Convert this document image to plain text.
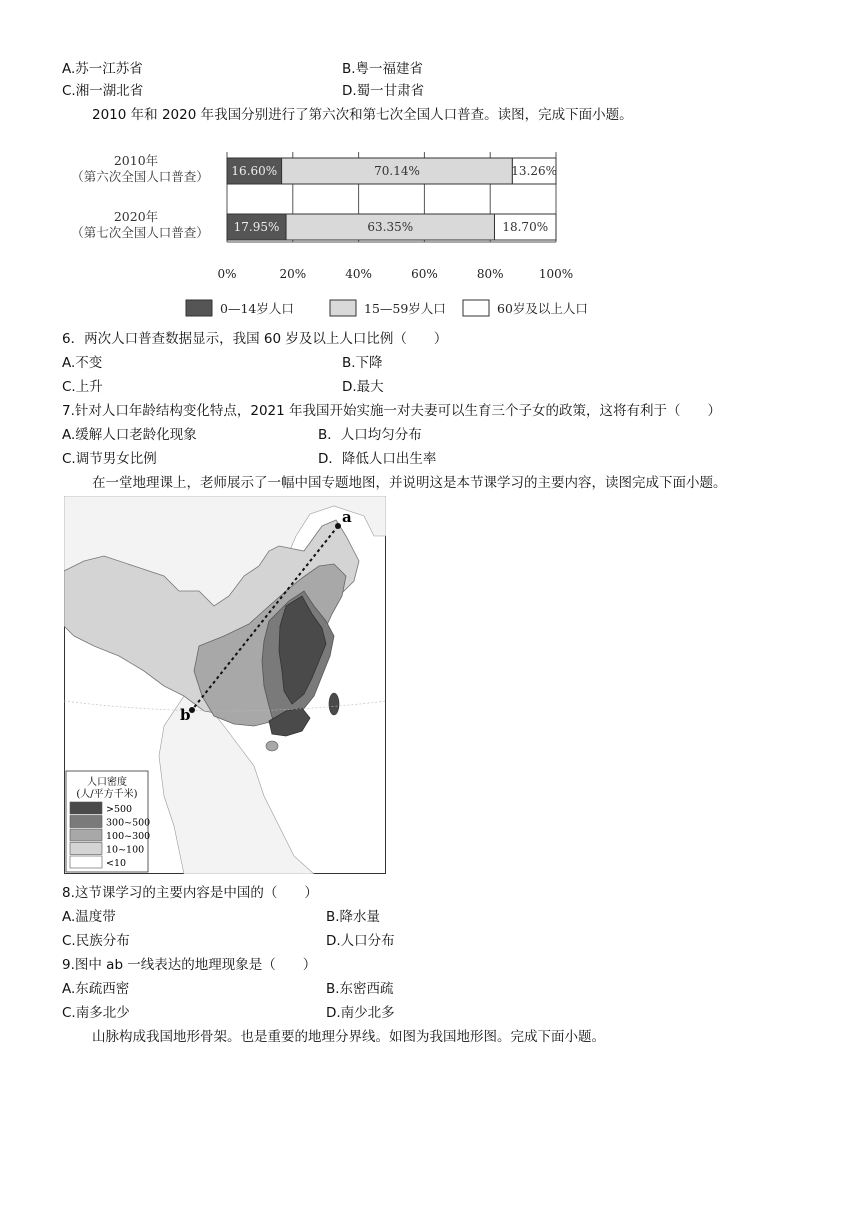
A.苏一江苏省	B.粤一福建省
C.湘一湖北省	D.蜀一甘肃省
2010 年和 2020 年我国分别进行了第六次和第七次全国人口普查。读图，完成下面小题。
0%	20%	40%	60%	80%	100%
2010年
（第六次全国人口普查） 16.60%	70.14%	13.26%
2020年
（第七次全国人口普查） 17.95%	63.35%	18.70%
0—14岁人口	15—59岁人口	60岁及以上人口
6．两次人口普查数据显示，我国 60 岁及以上人口比例（　　）
A.不变	B.下降
C.上升	D.最大
7.针对人口年龄结构变化特点，2021 年我国开始实施一对夫妻可以生育三个子女的政策，这将有利于（　　）
A.缓解人口老龄化现象	B．人口均匀分布
C.调节男女比例	D．降低人口出生率
在一堂地理课上，老师展示了一幅中国专题地图，并说明这是本节课学习的主要内容，读图完成下面小题。
a
b
人口密度
(人/平方千米)
>500
300~500
100~300
10~100
<10
8.这节课学习的主要内容是中国的（　　）
A.温度带	B.降水量
C.民族分布	D.人口分布
9.图中 ab 一线表达的地理现象是（　　）
A.东疏西密	B.东密西疏
C.南多北少	D.南少北多
山脉构成我国地形骨架。也是重要的地理分界线。如图为我国地形图。完成下面小题。
